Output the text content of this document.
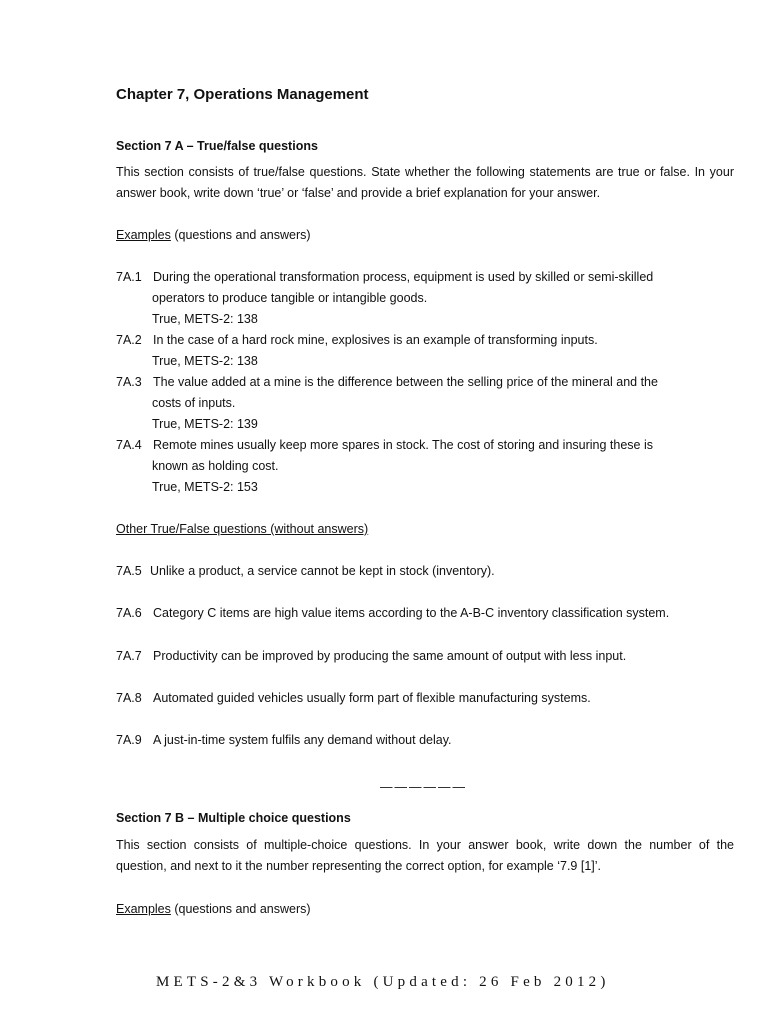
Chapter 7, Operations Management
Section 7 A – True/false questions
This section consists of true/false questions. State whether the following statements are true or false. In your
answer book, write down ‘true’ or ‘false’ and provide a brief explanation for your answer.
Examples (questions and answers)
7A.1 During the operational transformation process, equipment is used by skilled or semi-skilled
operators to produce tangible or intangible goods.
True, METS-2: 138
7A.2 In the case of a hard rock mine, explosives is an example of transforming inputs.
True, METS-2: 138
7A.3 The value added at a mine is the difference between the selling price of the mineral and the
costs of inputs.
True, METS-2: 139
7A.4 Remote mines usually keep more spares in stock. The cost of storing and insuring these is
known as holding cost.
True, METS-2: 153
Other True/False questions (without answers)
7A.5 Unlike a product, a service cannot be kept in stock (inventory).
7A.6 Category C items are high value items according to the A-B-C inventory classification system.
7A.7 Productivity can be improved by producing the same amount of output with less input.
7A.8 Automated guided vehicles usually form part of flexible manufacturing systems.
7A.9 A just-in-time system fulfils any demand without delay.
——————
Section 7 B – Multiple choice questions
This section consists of multiple-choice questions. In your answer book, write down the number of the
question, and next to it the number representing the correct option, for example ‘7.9 [1]’.
Examples (questions and answers)
METS-2&3 Workbook (Updated: 26 Feb 2012)
